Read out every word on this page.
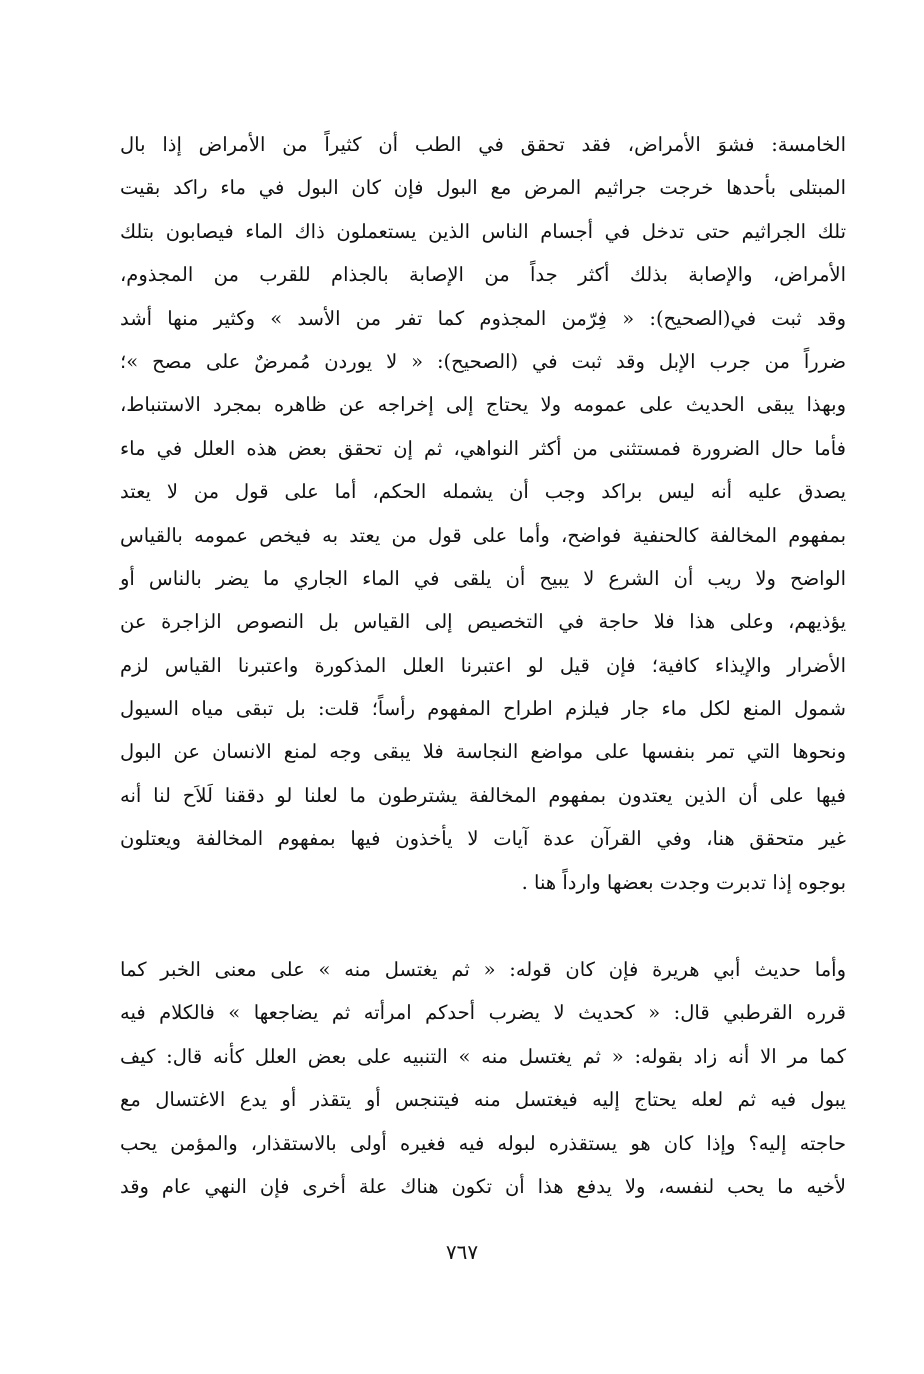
الخامسة: فشوَ الأمراض، فقد تحقق في الطب أن كثيراً من الأمراض إذا بال
المبتلى بأحدها خرجت جراثيم المرض مع البول فإن كان البول في ماء راكد بقيت
تلك الجراثيم حتى تدخل في أجسام الناس الذين يستعملون ذاك الماء فيصابون بتلك
الأمراض، والإصابة بذلك أكثر جداً من الإصابة بالجذام للقرب من المجذوم،
وقد ثبت في(الصحيح): « فِرّمن المجذوم كما تفر من الأسد » وكثير منها أشد
ضرراً من جرب الإبل وقد ثبت في (الصحيح): « لا يوردن مُمرضٌ على مصح »؛
وبهذا يبقى الحديث على عمومه ولا يحتاج إلى إخراجه عن ظاهره بمجرد الاستنباط،
فأما حال الضرورة فمستثنى من أكثر النواهي، ثم إن تحقق بعض هذه العلل في ماء
يصدق عليه أنه ليس براكد وجب أن يشمله الحكم، أما على قول من لا يعتد
بمفهوم المخالفة كالحنفية فواضح، وأما على قول من يعتد به فيخص عمومه بالقياس
الواضح ولا ريب أن الشرع لا يبيح أن يلقى في الماء الجاري ما يضر بالناس أو
يؤذيهم، وعلى هذا فلا حاجة في التخصيص إلى القياس بل النصوص الزاجرة عن
الأضرار والإيذاء كافية؛ فإن قيل لو اعتبرنا العلل المذكورة واعتبرنا القياس لزم
شمول المنع لكل ماء جار فيلزم اطراح المفهوم رأساً؛ قلت: بل تبقى مياه السيول
ونحوها التي تمر بنفسها على مواضع النجاسة فلا يبقى وجه لمنع الانسان عن البول
فيها على أن الذين يعتدون بمفهوم المخالفة يشترطون ما لعلنا لو دققنا لَلاَح لنا أنه
غير متحقق هنا، وفي القرآن عدة آيات لا يأخذون فيها بمفهوم المخالفة ويعتلون
بوجوه إذا تدبرت وجدت بعضها وارداً هنا .
وأما حديث أبي هريرة فإن كان قوله: « ثم يغتسل منه » على معنى الخبر كما
قرره القرطبي قال: « كحديث لا يضرب أحدكم امرأته ثم يضاجعها » فالكلام فيه
كما مر الا أنه زاد بقوله: « ثم يغتسل منه » التنبيه على بعض العلل كأنه قال: كيف
يبول فيه ثم لعله يحتاج إليه فيغتسل منه فيتنجس أو يتقذر أو يدع الاغتسال مع
حاجته إليه؟ وإذا كان هو يستقذره لبوله فيه فغيره أولى بالاستقذار، والمؤمن يحب
لأخيه ما يحب لنفسه، ولا يدفع هذا أن تكون هناك علة أخرى فإن النهي عام وقد
٧٦٧
